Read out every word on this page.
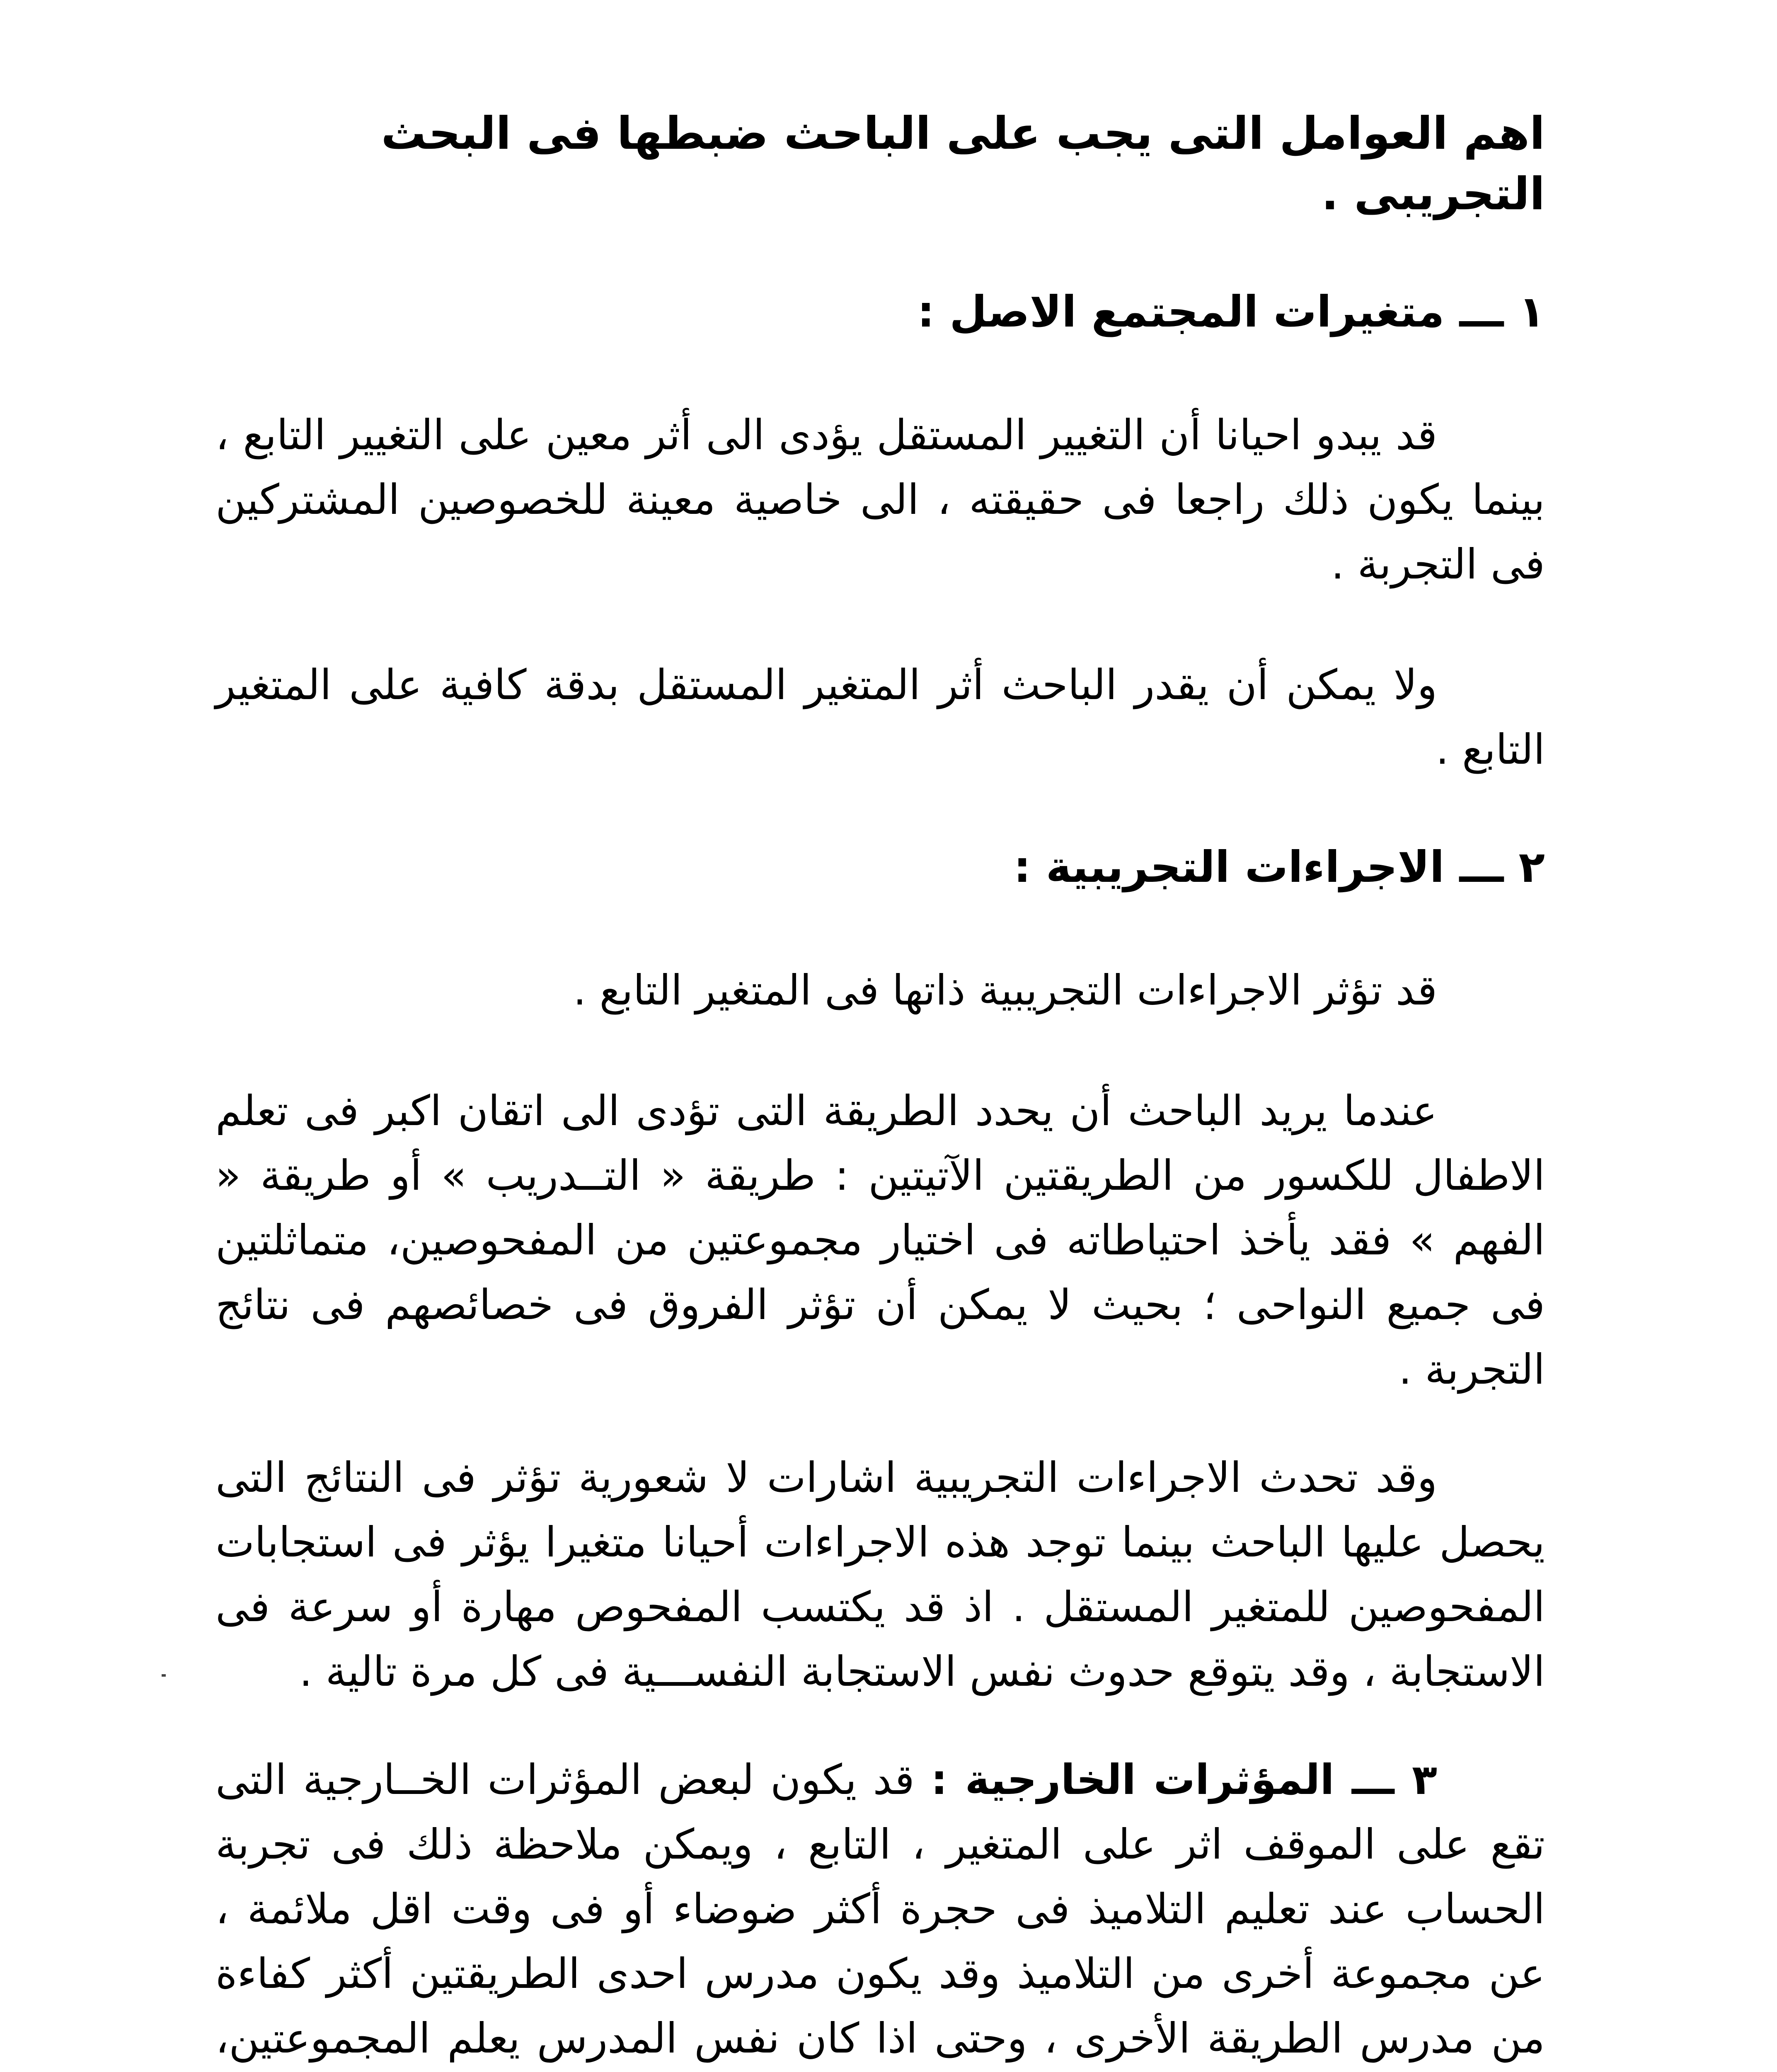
اهم العوامل التى يجب على الباحث ضبطها فى البحث التجريبى .
١ ـــ متغيرات المجتمع الاصل :

قد يبدو احيانا أن التغيير المستقل يؤدى الى أثر معين على التغيير التابع ، بينما يكون ذلك راجعا فى حقيقته ، الى خاصية معينة للخصوصين المشتركين فى التجربة .

ولا يمكن أن يقدر الباحث أثر المتغير المستقل بدقة كافية على المتغير التابع .

٢ ـــ الاجراءات التجريبية :

قد تؤثر الاجراءات التجريبية ذاتها فى المتغير التابع .

عندما يريد الباحث أن يحدد الطريقة التى تؤدى الى اتقان اكبر فى تعلم الاطفال للكسور من الطريقتين الآتيتين : طريقة « التــدريب » أو طريقة « الفهم » فقد يأخذ احتياطاته فى اختيار مجموعتين من المفحوصين، متماثلتين فى جميع النواحى ؛ بحيث لا يمكن أن تؤثر الفروق فى خصائصهم فى نتائج التجربة .

وقد تحدث الاجراءات التجريبية اشارات لا شعورية تؤثر فى النتائج التى يحصل عليها الباحث بينما توجد هذه الاجراءات أحيانا متغيرا يؤثر فى استجابات المفحوصين للمتغير المستقل . اذ قد يكتسب المفحوص مهارة أو سرعة فى الاستجابة ، وقد يتوقع حدوث نفس الاستجابة النفســـية فى كل مرة تالية .

٣ ـــ المؤثرات الخارجية : قد يكون لبعض المؤثرات الخــارجية التى تقع على الموقف اثر على المتغير ، التابع ، ويمكن ملاحظة ذلك فى تجربة الحساب عند تعليم التلاميذ فى حجرة أكثر ضوضاء أو فى وقت اقل ملائمة ، عن مجموعة أخرى من التلاميذ وقد يكون مدرس احدى الطريقتين أكثر كفاءة من مدرس الطريقة الأخرى ، وحتى اذا كان نفس المدرس يعلم المجموعتين،
